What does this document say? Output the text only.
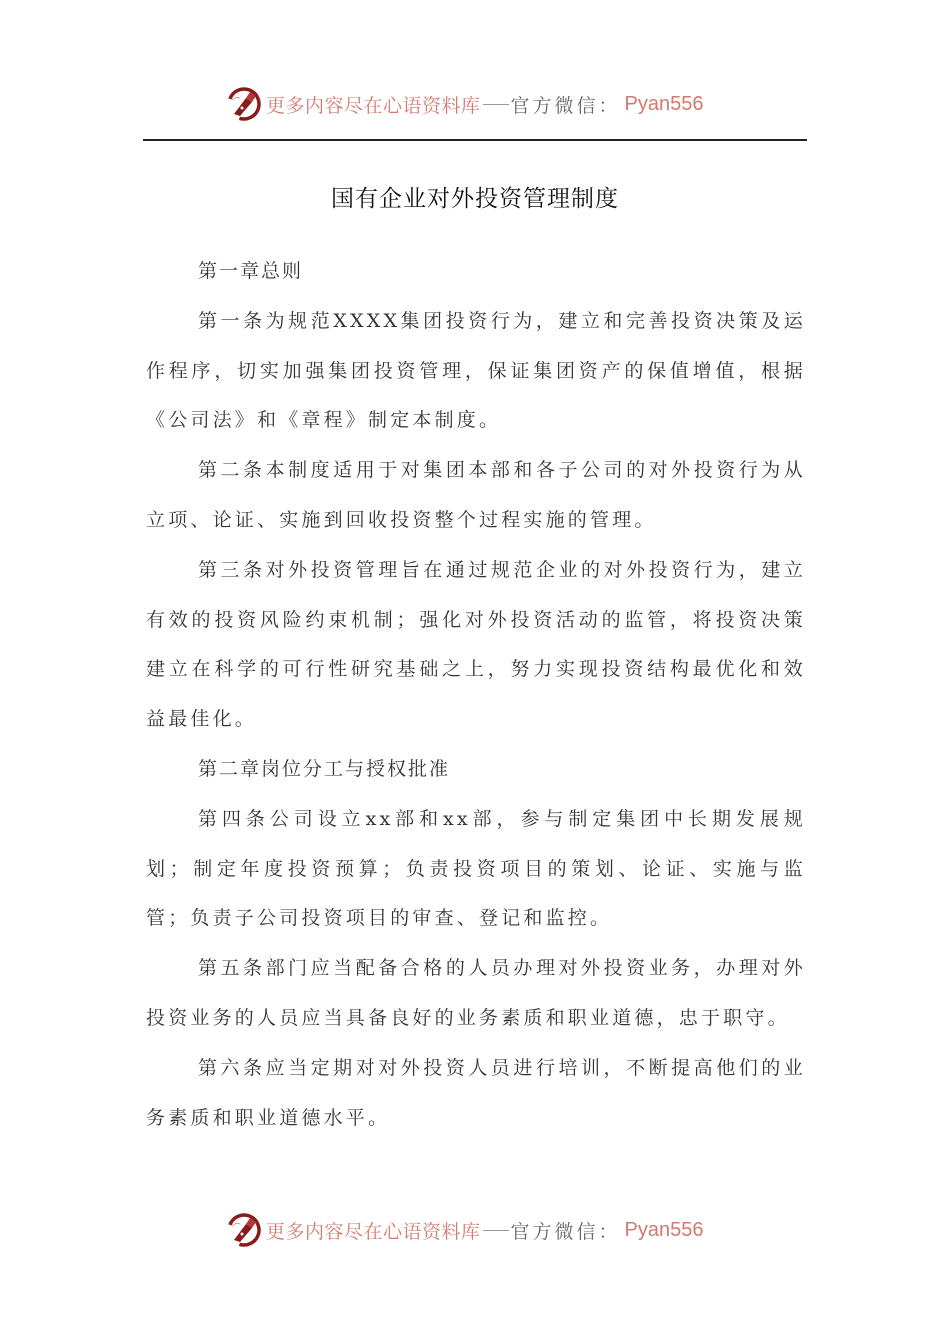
更多内容尽在心语资料库 官方微信： Pyan556
国有企业对外投资管理制度

第一章总则

第一条为规范XXXX集团投资行为，建立和完善投资决策及运作程序，切实加强集团投资管理，保证集团资产的保值增值，根据《公司法》和《章程》制定本制度。

第二条本制度适用于对集团本部和各子公司的对外投资行为从立项、论证、实施到回收投资整个过程实施的管理。

第三条对外投资管理旨在通过规范企业的对外投资行为，建立有效的投资风险约束机制；强化对外投资活动的监管，将投资决策建立在科学的可行性研究基础之上，努力实现投资结构最优化和效益最佳化。

第二章岗位分工与授权批准

第四条公司设立xx部和xx部，参与制定集团中长期发展规划；制定年度投资预算；负责投资项目的策划、论证、实施与监管；负责子公司投资项目的审查、登记和监控。

第五条部门应当配备合格的人员办理对外投资业务，办理对外投资业务的人员应当具备良好的业务素质和职业道德，忠于职守。

第六条应当定期对对外投资人员进行培训，不断提高他们的业务素质和职业道德水平。

更多内容尽在心语资料库 官方微信： Pyan556
